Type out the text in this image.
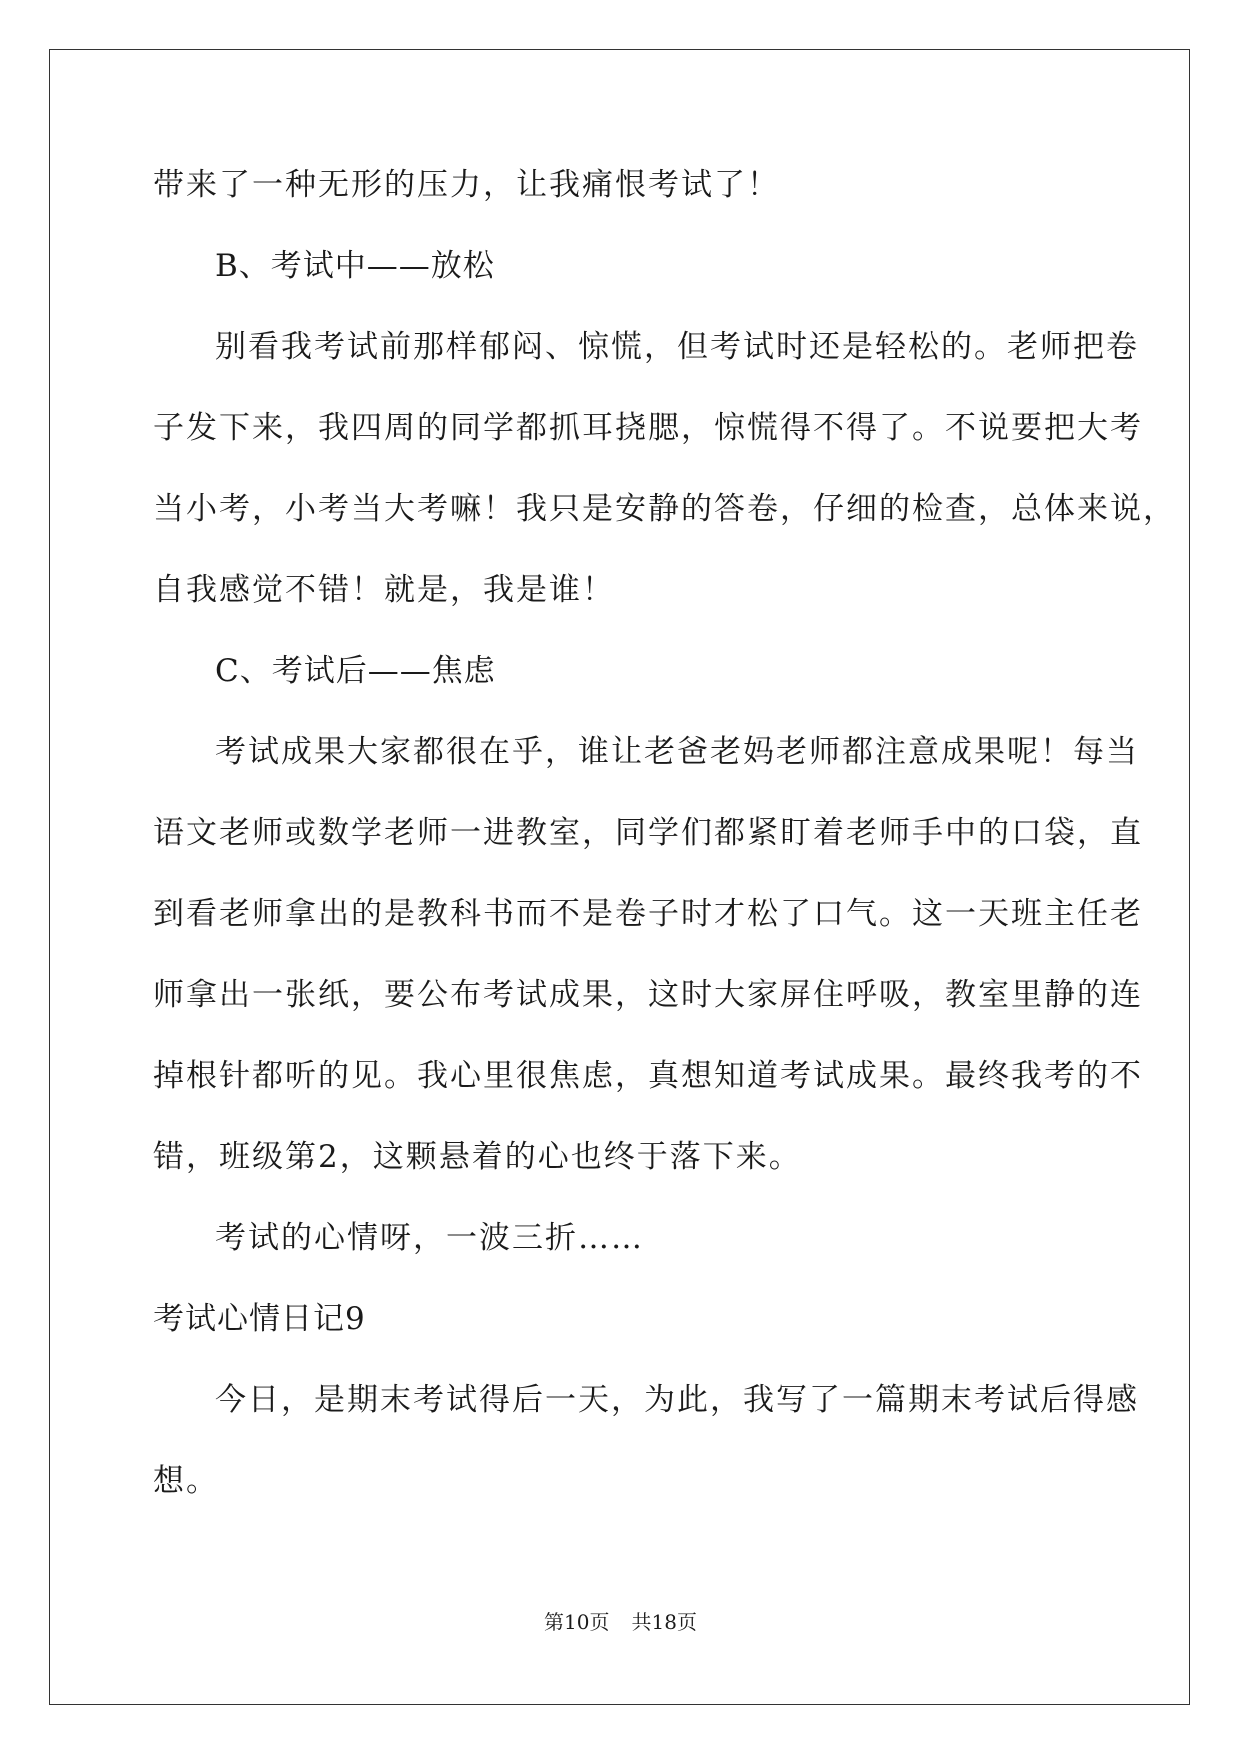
带来了一种无形的压力，让我痛恨考试了！
B、考试中——放松
别看我考试前那样郁闷、惊慌，但考试时还是轻松的。老师把卷
子发下来，我四周的同学都抓耳挠腮，惊慌得不得了。不说要把大考
当小考，小考当大考嘛！我只是安静的答卷，仔细的检查，总体来说，
自我感觉不错！就是，我是谁！
C、考试后——焦虑
考试成果大家都很在乎，谁让老爸老妈老师都注意成果呢！每当
语文老师或数学老师一进教室，同学们都紧盯着老师手中的口袋，直
到看老师拿出的是教科书而不是卷子时才松了口气。这一天班主任老
师拿出一张纸，要公布考试成果，这时大家屏住呼吸，教室里静的连
掉根针都听的见。我心里很焦虑，真想知道考试成果。最终我考的不
错，班级第2，这颗悬着的心也终于落下来。
考试的心情呀，一波三折……
考试心情日记9
今日，是期末考试得后一天，为此，我写了一篇期末考试后得感
想。
第10页 共18页
